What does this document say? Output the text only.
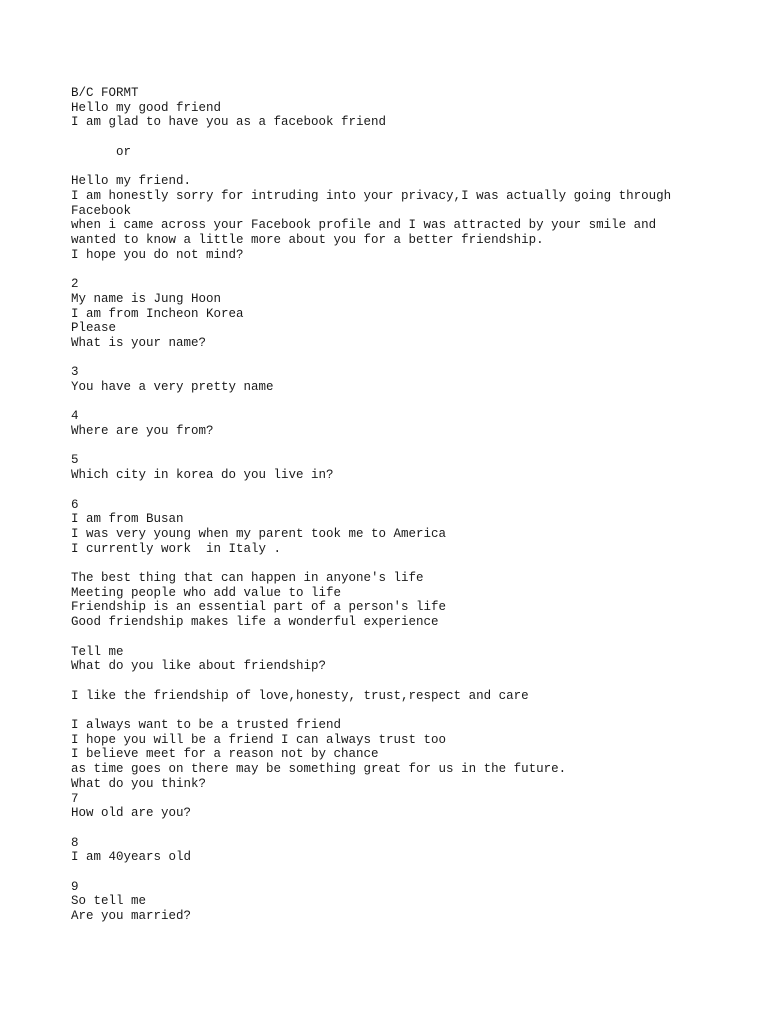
B/C FORMT
Hello my good friend
I am glad to have you as a facebook friend
or
Hello my friend.
I am honestly sorry for intruding into your privacy,I was actually going through
Facebook
when i came across your Facebook profile and I was attracted by your smile and
wanted to know a little more about you for a better friendship.
I hope you do not mind?
2
My name is Jung Hoon
I am from Incheon Korea
Please
What is your name?
3
You have a very pretty name
4
Where are you from?
5
Which city in korea do you live in?
6
I am from Busan
I was very young when my parent took me to America
I currently work  in Italy .
The best thing that can happen in anyone's life
Meeting people who add value to life
Friendship is an essential part of a person's life
Good friendship makes life a wonderful experience
Tell me
What do you like about friendship?
I like the friendship of love,honesty, trust,respect and care
I always want to be a trusted friend
I hope you will be a friend I can always trust too
I believe meet for a reason not by chance
as time goes on there may be something great for us in the future.
What do you think?
7
How old are you?
8
I am 40years old
9
So tell me
Are you married?
